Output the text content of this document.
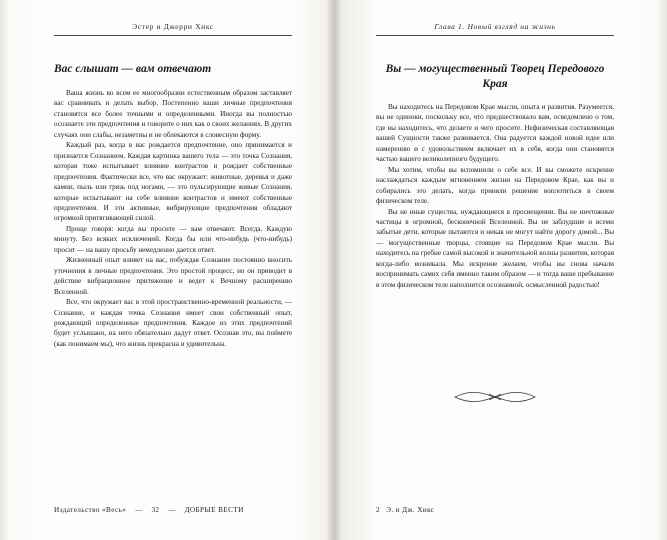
Эстер и Джерри Хикс
Вас слышат — вам отвечают

Ваша жизнь во всем ее многообразии естественным образом заставляет вас сравнивать и делать выбор. Постепенно ваши личные предпочтения становятся все более точными и определенными. Иногда вы полностью осознаете эти предпочтения и говорите о них как о своих желаниях. В других случаях они слабы, незаметны и не облекаются в словесную форму.

Каждый раз, когда в вас рождается предпочтение, оно принимается и признается Сознанием. Каждая картинка вашего тела — это точка Сознания, которая тоже испытывает влияние контрастов и рождает собственные предпочтения. Фактически все, что вас окружает: животные, деревья и даже камни, пыль или грязь под ногами, — это пульсирующие живые Сознания, которые испытывают на себе влияние контрастов и имеют собственные предпочтения. И эти активные, вибрирующие предпочтения обладают огромной притягивающей силой.

Проще говоря: когда вы просите — вам отвечают. Всегда. Каждую минуту. Без всяких исключений. Когда бы или что-нибудь (что-нибудь) просит — на вашу просьбу немедленно дается ответ.

Жизненный опыт влияет на вас, побуждая Сознание постоянно вносить уточнения в личные предпочтения. Это простой процесс, но он приводит в действие вибрационное притяжение и ведет к Вечному расширению Вселенной.

Все, что окружает вас в этой пространственно-временной реальности, — Сознание, и каждая точка Сознания имеет свои собственный опыт, рождающий определенные предпочтения. Каждое из этих предпочтений будет услышано, на него обязательно дадут ответ. Осознав это, вы поймете (как понимаем мы), что жизнь прекрасна и удивительна.

Издательство «Весь» — 32 — ДОБРЫЕ ВЕСТИ
Глава 1. Новый взгляд на жизнь
Вы — могущественный Творец Передового Края

Вы находитесь на Передовом Крае мысли, опыта и развития. Разумеется, вы не одиноки, поскольку все, что предшествовало вам, осведомлено о том, где вы находитесь, что делаете и чего просите. Нефизическая составляющая вашей Сущности также развивается. Она радуется каждой новой идее или намерению и с удовольствием включает их в себя, когда они становятся частью вашего великолепного будущего.

Мы хотим, чтобы вы вспомнили о себе все. И вы сможете искренне наслаждаться каждым мгновением жизни на Передовом Крае, как вы и собирались это делать, когда приняли решение воплотиться в своем физическом теле.

Вы не иные существа, нуждающиеся в просвещении. Вы не ничтожные частицы в огромной, бесконечной Вселенной. Вы не заблудшие и всеми забытые дети, которые пытаются и никак не могут найти дорогу домой... Вы — могущественные творцы, стоящие на Передовом Крае мысли. Вы находитесь на гребне самой высокой и значительной волны развития, которая когда-либо возникала. Мы искренне желаем, чтобы вы снова начали воспринимать самих себя именно таким образом — и тогда ваше пребывание в этом физическом теле наполнится осознанной, осмысленной радостью!

2  Э. и Дж. Хикс
